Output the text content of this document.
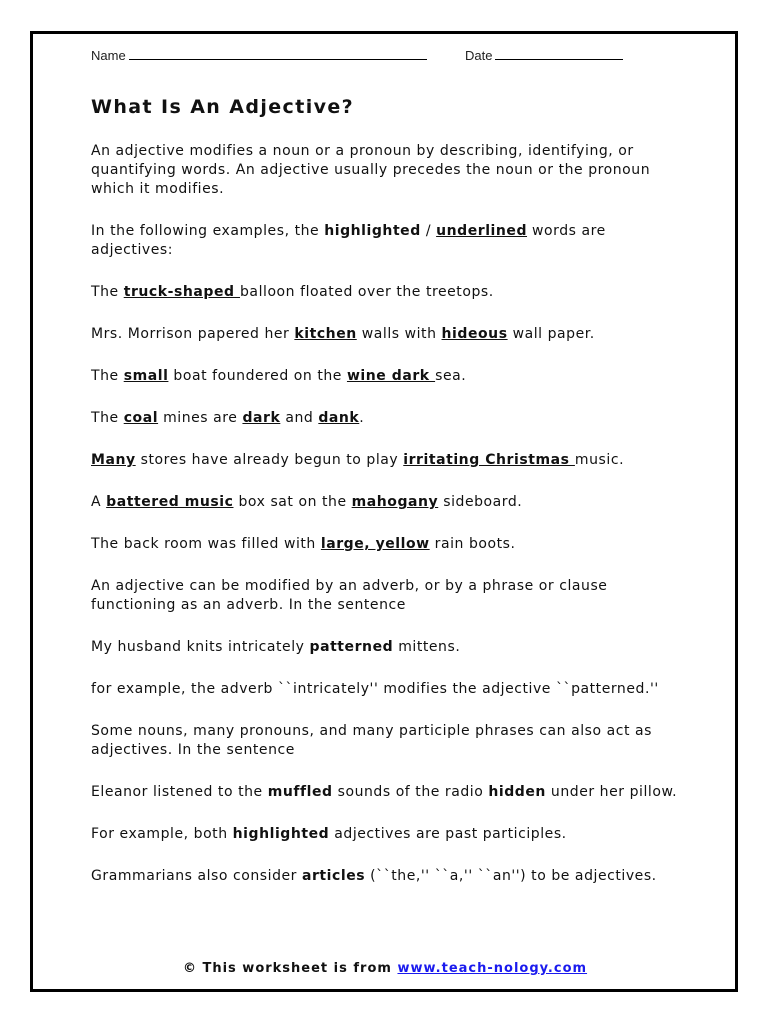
Name	Date
What Is An Adjective?

An adjective modifies a noun or a pronoun by describing, identifying, or quantifying words. An adjective usually precedes the noun or the pronoun which it modifies.

In the following examples, the highlighted / underlined words are adjectives:

The truck-shaped balloon floated over the treetops.

Mrs. Morrison papered her kitchen walls with hideous wall paper.

The small boat foundered on the wine dark sea.

The coal mines are dark and dank.

Many stores have already begun to play irritating Christmas music.

A battered music box sat on the mahogany sideboard.

The back room was filled with large, yellow rain boots.

An adjective can be modified by an adverb, or by a phrase or clause functioning as an adverb. In the sentence

My husband knits intricately patterned mittens.

for example, the adverb ``intricately'' modifies the adjective ``patterned.''

Some nouns, many pronouns, and many participle phrases can also act as adjectives. In the sentence

Eleanor listened to the muffled sounds of the radio hidden under her pillow.

For example, both highlighted adjectives are past participles.

Grammarians also consider articles (``the,'' ``a,'' ``an'') to be adjectives.

© This worksheet is from www.teach-nology.com
